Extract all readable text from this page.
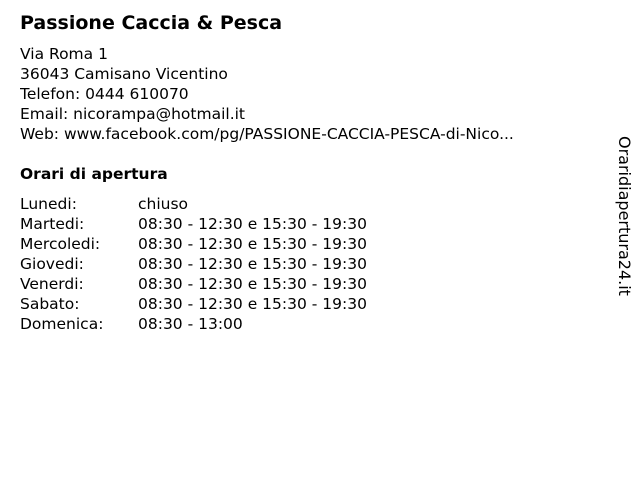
Passione Caccia & Pesca
Via Roma 1
36043 Camisano Vicentino
Telefon: 0444 610070
Email: nicorampa@hotmail.it
Web: www.facebook.com/pg/PASSIONE-CACCIA-PESCA-di-Nico...
Orari di apertura
Lunedi:	chiuso
Martedi:	08:30 - 12:30 e 15:30 - 19:30
Mercoledi:	08:30 - 12:30 e 15:30 - 19:30
Giovedi:	08:30 - 12:30 e 15:30 - 19:30
Venerdi:	08:30 - 12:30 e 15:30 - 19:30
Sabato:	08:30 - 12:30 e 15:30 - 19:30
Domenica:	08:30 - 13:00
Oraridiapertura24.it
